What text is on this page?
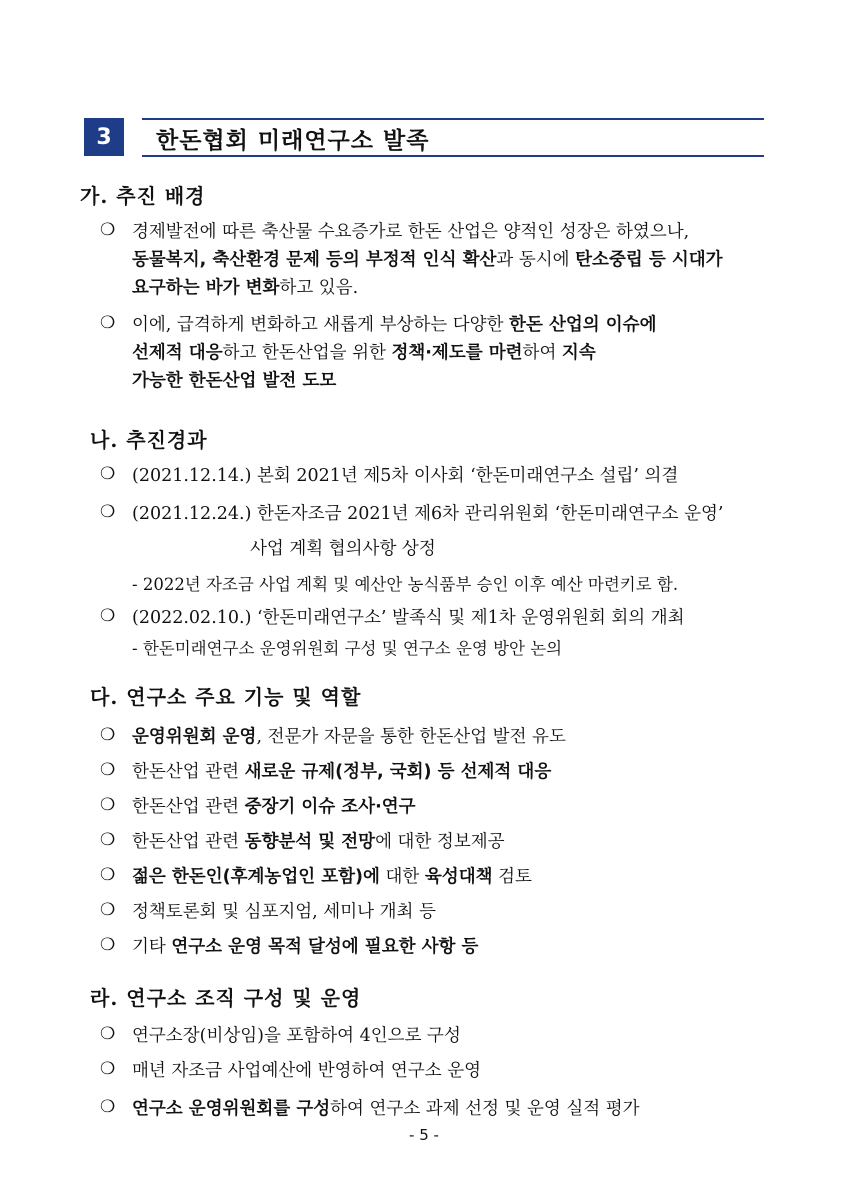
3 한돈협회 미래연구소 발족
가. 추진 배경
❍ 경제발전에 따른 축산물 수요증가로 한돈 산업은 양적인 성장은 하였으나,
동물복지, 축산환경 문제 등의 부정적 인식 확산과 동시에 탄소중립 등 시대가
요구하는 바가 변화하고 있음.
❍ 이에, 급격하게 변화하고 새롭게 부상하는 다양한 한돈 산업의 이슈에
선제적 대응하고 한돈산업을 위한 정책·제도를 마련하여 지속
가능한 한돈산업 발전 도모
나. 추진경과
❍ (2021.12.14.) 본회 2021년 제5차 이사회 ‘한돈미래연구소 설립’ 의결
❍ (2021.12.24.) 한돈자조금 2021년 제6차 관리위원회 ‘한돈미래연구소 운영’
사업 계획 협의사항 상정
- 2022년 자조금 사업 계획 및 예산안 농식품부 승인 이후 예산 마련키로 함.
❍ (2022.02.10.) ‘한돈미래연구소’ 발족식 및 제1차 운영위원회 회의 개최
- 한돈미래연구소 운영위원회 구성 및 연구소 운영 방안 논의
다. 연구소 주요 기능 및 역할
❍ 운영위원회 운영, 전문가 자문을 통한 한돈산업 발전 유도
❍ 한돈산업 관련 새로운 규제(정부, 국회) 등 선제적 대응
❍ 한돈산업 관련 중장기 이슈 조사·연구
❍ 한돈산업 관련 동향분석 및 전망에 대한 정보제공
❍ 젊은 한돈인(후계농업인 포함)에 대한 육성대책 검토
❍ 정책토론회 및 심포지엄, 세미나 개최 등
❍ 기타 연구소 운영 목적 달성에 필요한 사항 등
라. 연구소 조직 구성 및 운영
❍ 연구소장(비상임)을 포함하여 4인으로 구성
❍ 매년 자조금 사업예산에 반영하여 연구소 운영
❍ 연구소 운영위원회를 구성하여 연구소 과제 선정 및 운영 실적 평가
- 5 -
